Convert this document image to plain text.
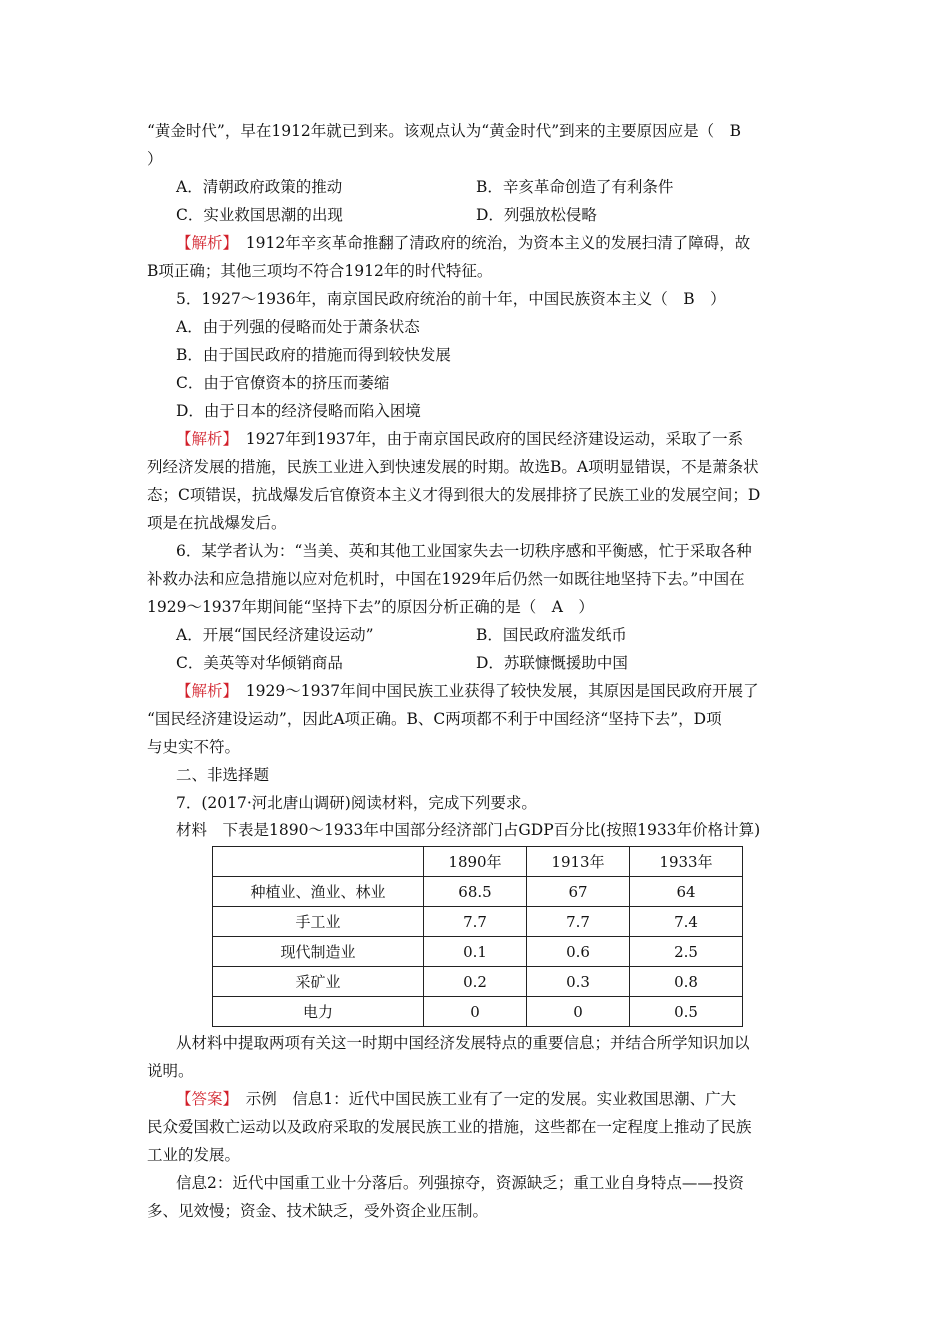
“黄金时代”，早在1912年就已到来。该观点认为“黄金时代”到来的主要原因应是（　B
）
A．清朝政府政策的推动	B．辛亥革命创造了有利条件
C．实业救国思潮的出现	D．列强放松侵略
【解析】　1912年辛亥革命推翻了清政府的统治，为资本主义的发展扫清了障碍，故
B项正确；其他三项均不符合1912年的时代特征。
5．1927～1936年，南京国民政府统治的前十年，中国民族资本主义（　B　）
A．由于列强的侵略而处于萧条状态
B．由于国民政府的措施而得到较快发展
C．由于官僚资本的挤压而萎缩
D．由于日本的经济侵略而陷入困境
【解析】　1927年到1937年，由于南京国民政府的国民经济建设运动，采取了一系
列经济发展的措施，民族工业进入到快速发展的时期。故选B。A项明显错误，不是萧条状
态；C项错误，抗战爆发后官僚资本主义才得到很大的发展排挤了民族工业的发展空间；D
项是在抗战爆发后。
6．某学者认为：“当美、英和其他工业国家失去一切秩序感和平衡感，忙于采取各种
补救办法和应急措施以应对危机时，中国在1929年后仍然一如既往地坚持下去。”中国在
1929～1937年期间能“坚持下去”的原因分析正确的是（　A　）
A．开展“国民经济建设运动”	B．国民政府滥发纸币
C．美英等对华倾销商品	D．苏联慷慨援助中国
【解析】　1929～1937年间中国民族工业获得了较快发展，其原因是国民政府开展了
“国民经济建设运动”，因此A项正确。B、C两项都不利于中国经济“坚持下去”，D项
与史实不符。
二、非选择题
7．(2017·河北唐山调研)阅读材料，完成下列要求。
材料　下表是1890～1933年中国部分经济部门占GDP百分比(按照1933年价格计算)
	1890年	1913年	1933年
种植业、渔业、林业	68.5	67	64
手工业	7.7	7.7	7.4
现代制造业	0.1	0.6	2.5
采矿业	0.2	0.3	0.8
电力	0	0	0.5
从材料中提取两项有关这一时期中国经济发展特点的重要信息；并结合所学知识加以
说明。
【答案】　示例　信息1：近代中国民族工业有了一定的发展。实业救国思潮、广大
民众爱国救亡运动以及政府采取的发展民族工业的措施，这些都在一定程度上推动了民族
工业的发展。
信息2：近代中国重工业十分落后。列强掠夺，资源缺乏；重工业自身特点——投资
多、见效慢；资金、技术缺乏，受外资企业压制。
